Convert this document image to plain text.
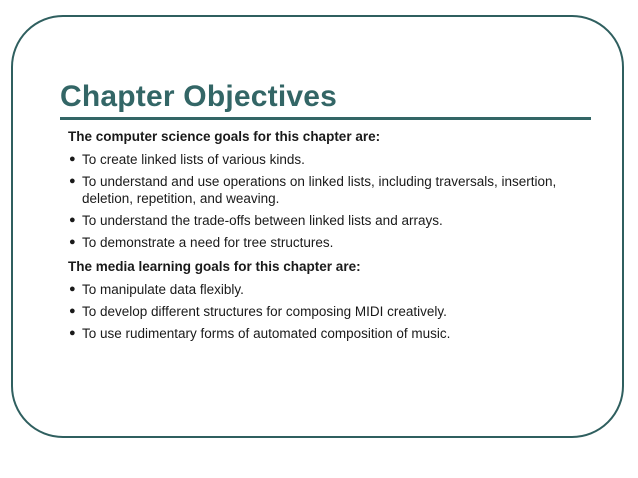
Chapter Objectives
The computer science goals for this chapter are:
● To create linked lists of various kinds.
● To understand and use operations on linked lists, including traversals, insertion, deletion, repetition, and weaving.
● To understand the trade-offs between linked lists and arrays.
● To demonstrate a need for tree structures.
The media learning goals for this chapter are:
● To manipulate data flexibly.
● To develop different structures for composing MIDI creatively.
● To use rudimentary forms of automated composition of music.
